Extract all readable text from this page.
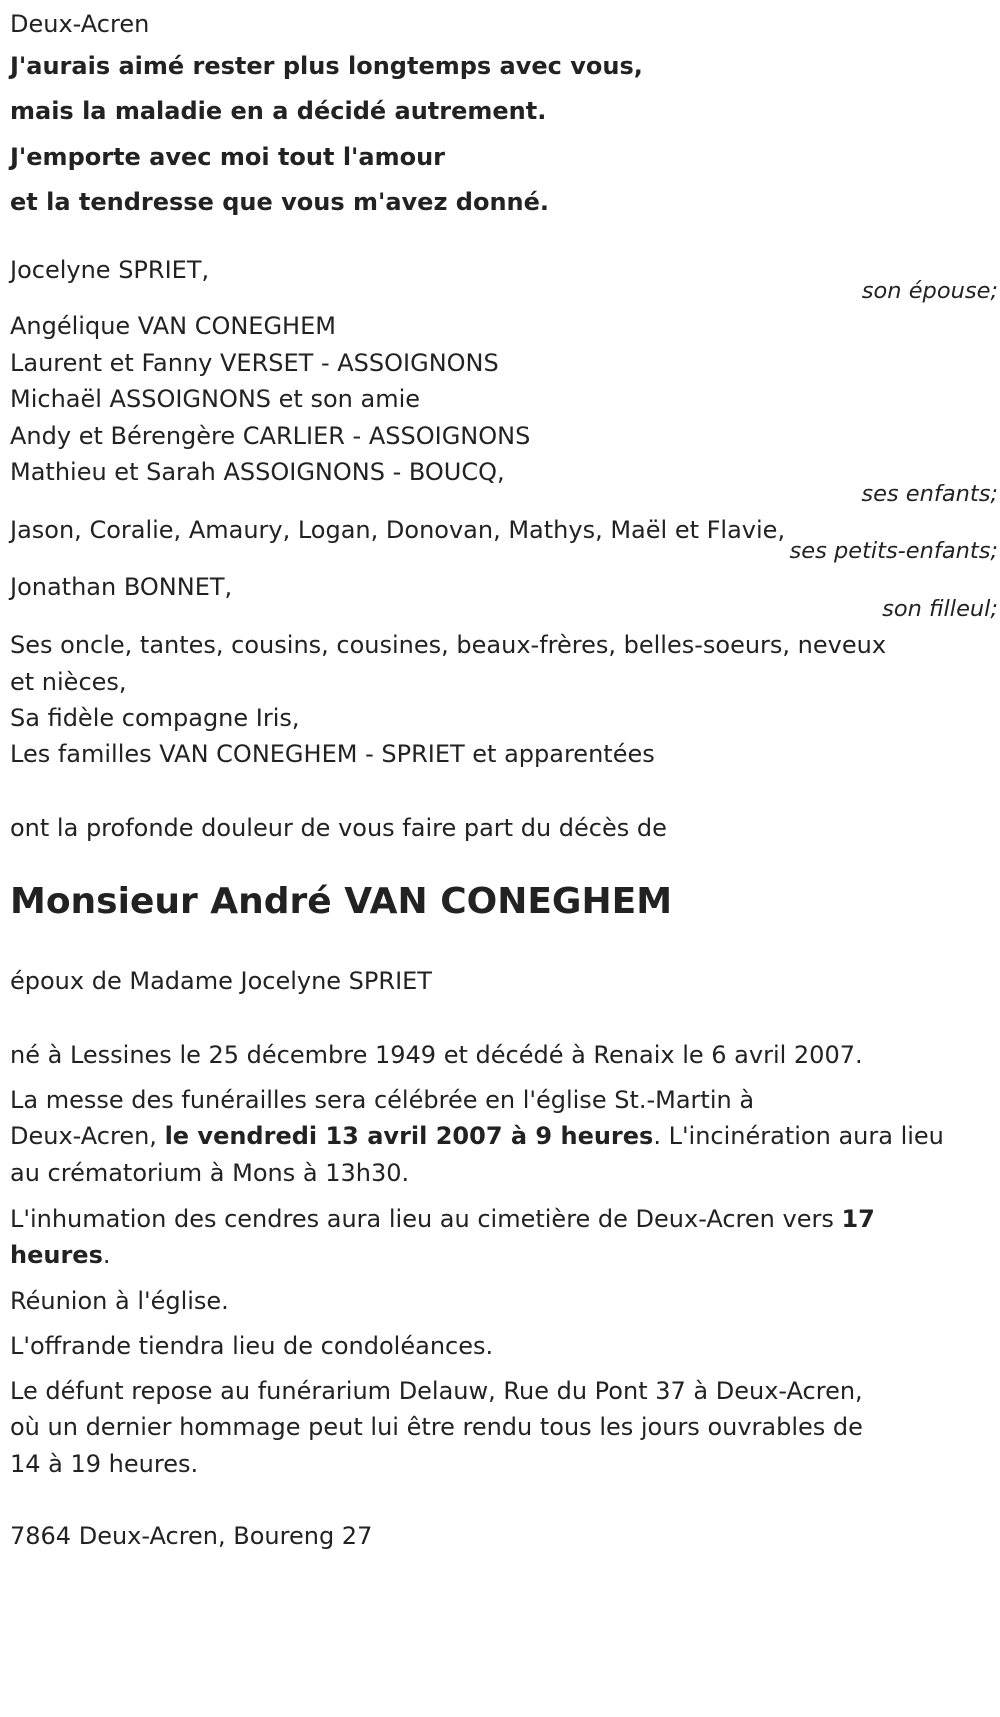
Deux-Acren
J'aurais aimé rester plus longtemps avec vous,
mais la maladie en a décidé autrement.
J'emporte avec moi tout l'amour
et la tendresse que vous m'avez donné.
Jocelyne SPRIET,
son épouse;
Angélique VAN CONEGHEM
Laurent et Fanny VERSET - ASSOIGNONS
Michaël ASSOIGNONS et son amie
Andy et Bérengère CARLIER - ASSOIGNONS
Mathieu et Sarah ASSOIGNONS - BOUCQ,
ses enfants;
Jason, Coralie, Amaury, Logan, Donovan, Mathys, Maël et Flavie,
ses petits-enfants;
Jonathan BONNET,
son filleul;
Ses oncle, tantes, cousins, cousines, beaux-frères, belles-soeurs, neveux
et nièces,
Sa fidèle compagne Iris,
Les familles VAN CONEGHEM - SPRIET et apparentées
ont la profonde douleur de vous faire part du décès de
Monsieur André VAN CONEGHEM
époux de Madame Jocelyne SPRIET
né à Lessines le 25 décembre 1949 et décédé à Renaix le 6 avril 2007.
La messe des funérailles sera célébrée en l'église St.-Martin à
Deux-Acren, le vendredi 13 avril 2007 à 9 heures. L'incinération aura lieu
au crématorium à Mons à 13h30.
L'inhumation des cendres aura lieu au cimetière de Deux-Acren vers 17
heures.
Réunion à l'église.
L'offrande tiendra lieu de condoléances.
Le défunt repose au funérarium Delauw, Rue du Pont 37 à Deux-Acren,
où un dernier hommage peut lui être rendu tous les jours ouvrables de
14 à 19 heures.
7864 Deux-Acren, Boureng 27
